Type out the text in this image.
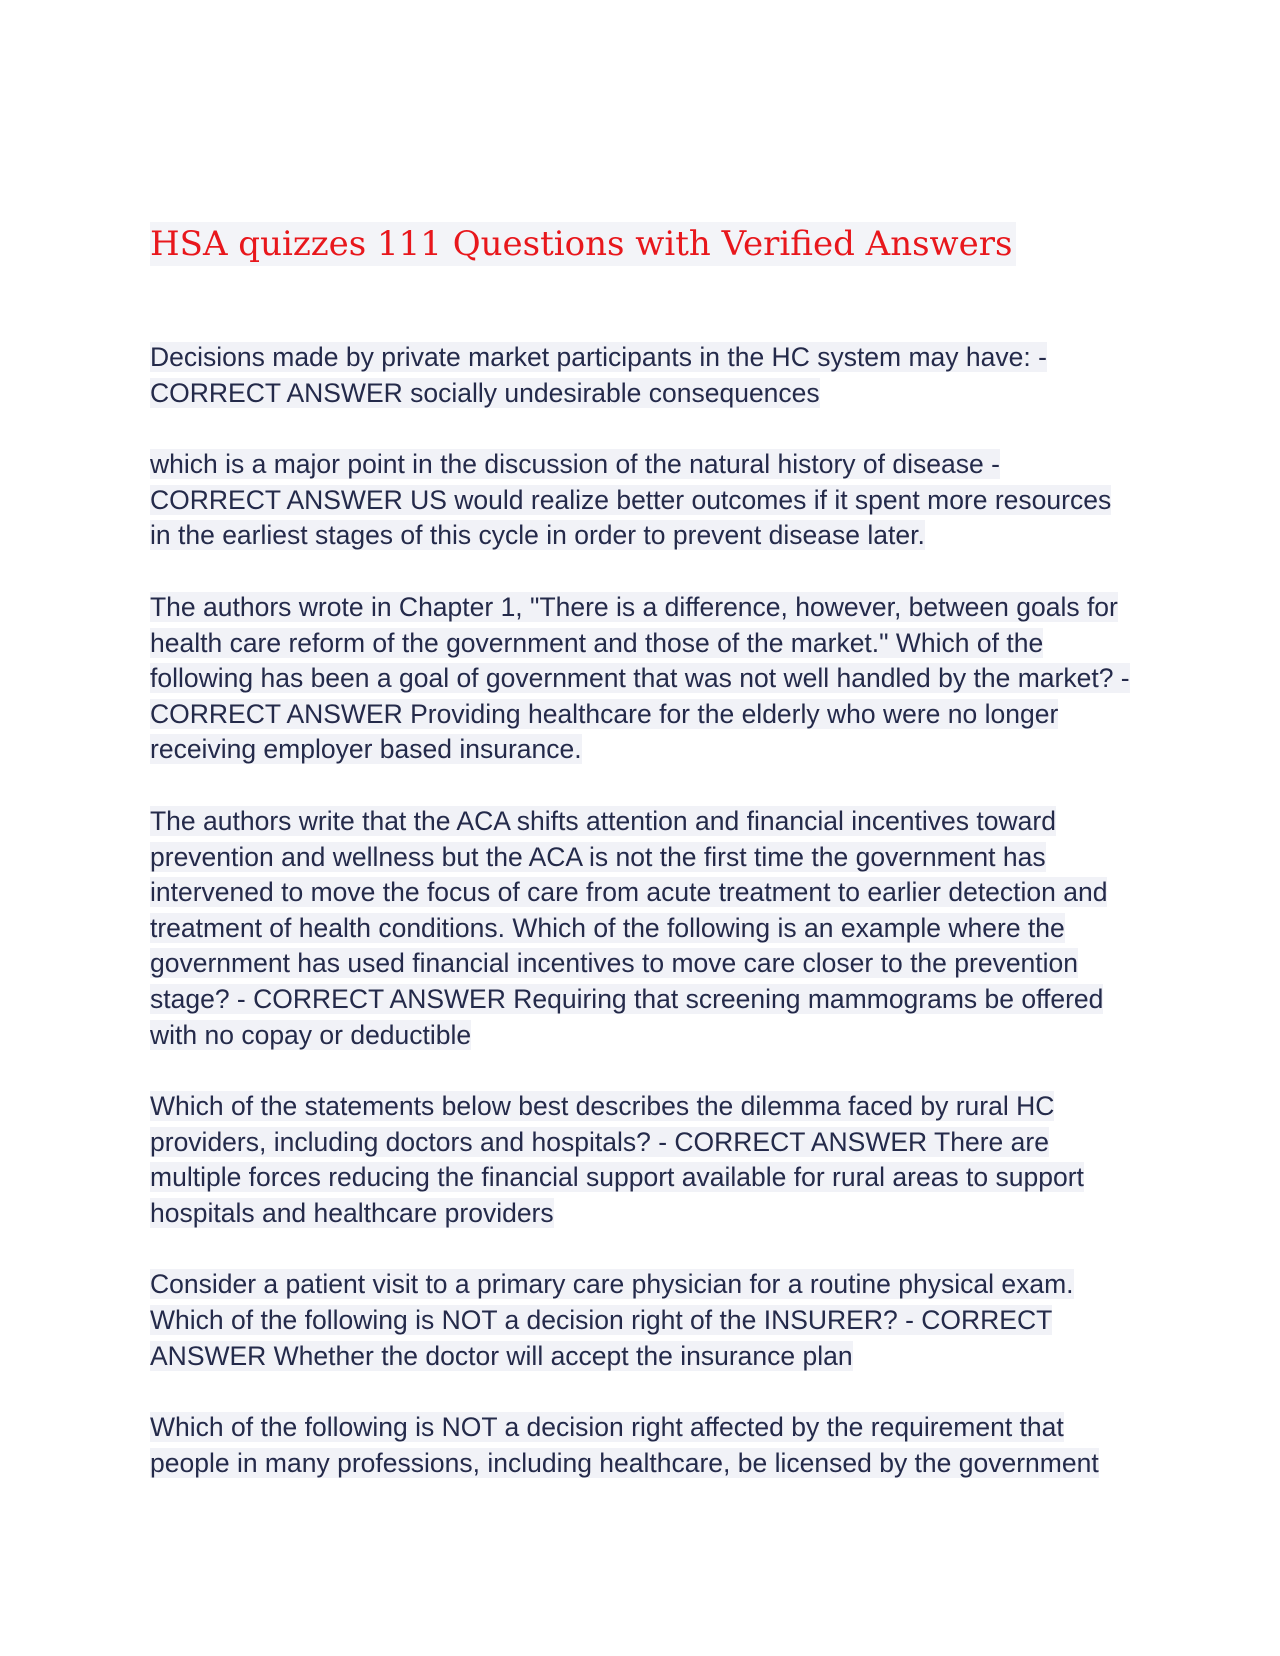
HSA quizzes 111 Questions with Verified Answers

Decisions made by private market participants in the HC system may have: - CORRECT ANSWER socially undesirable consequences

which is a major point in the discussion of the natural history of disease - CORRECT ANSWER US would realize better outcomes if it spent more resources in the earliest stages of this cycle in order to prevent disease later.

The authors wrote in Chapter 1, "There is a difference, however, between goals for health care reform of the government and those of the market." Which of the following has been a goal of government that was not well handled by the market? - CORRECT ANSWER Providing healthcare for the elderly who were no longer receiving employer based insurance.

The authors write that the ACA shifts attention and financial incentives toward prevention and wellness but the ACA is not the first time the government has intervened to move the focus of care from acute treatment to earlier detection and treatment of health conditions. Which of the following is an example where the government has used financial incentives to move care closer to the prevention stage? - CORRECT ANSWER Requiring that screening mammograms be offered with no copay or deductible

Which of the statements below best describes the dilemma faced by rural HC providers, including doctors and hospitals? - CORRECT ANSWER There are multiple forces reducing the financial support available for rural areas to support hospitals and healthcare providers

Consider a patient visit to a primary care physician for a routine physical exam. Which of the following is NOT a decision right of the INSURER? - CORRECT ANSWER Whether the doctor will accept the insurance plan

Which of the following is NOT a decision right affected by the requirement that people in many professions, including healthcare, be licensed by the government
